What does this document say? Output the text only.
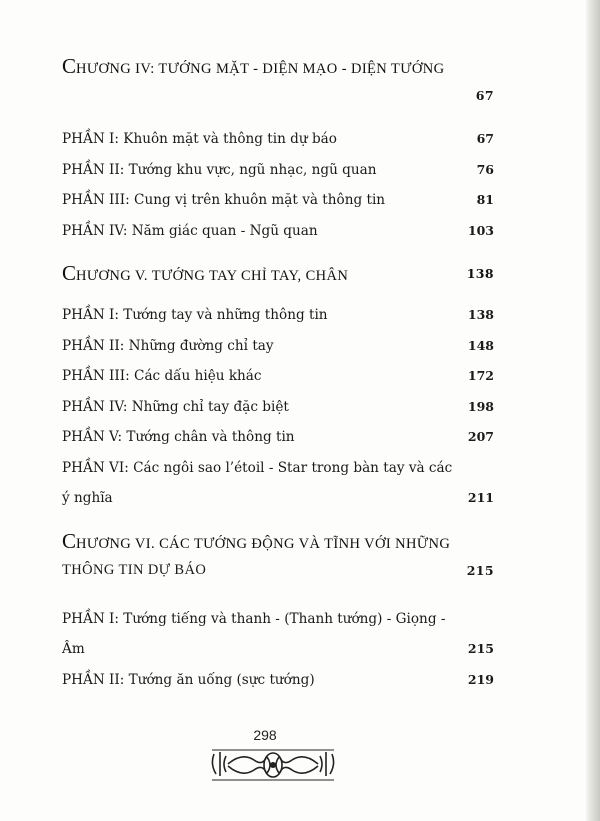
CHƯƠNG IV: TƯỚNG MẶT - DIỆN MẠO - DIỆN TƯỚNG
67
PHẦN I: Khuôn mặt và thông tin dự báo	67
PHẦN II: Tướng khu vực, ngũ nhạc, ngũ quan	76
PHẦN III: Cung vị trên khuôn mặt và thông tin	81
PHẦN IV: Năm giác quan - Ngũ quan	103
CHƯƠNG V. TƯỚNG TAY CHỈ TAY, CHÂN	138
PHẦN I: Tướng tay và những thông tin	138
PHẦN II: Những đường chỉ tay	148
PHẦN III: Các dấu hiệu khác	172
PHẦN IV: Những chỉ tay đặc biệt	198
PHẦN V: Tướng chân và thông tin	207
PHẦN VI: Các ngôi sao l’étoil - Star trong bàn tay và các
ý nghĩa	211
CHƯƠNG VI. CÁC TƯỚNG ĐỘNG VÀ TĨNH VỚI NHỮNG
THÔNG TIN DỰ BÁO	215
PHẦN I: Tướng tiếng và thanh - (Thanh tướng) - Giọng -
Âm	215
PHẦN II: Tướng ăn uống (sực tướng)	219
298
